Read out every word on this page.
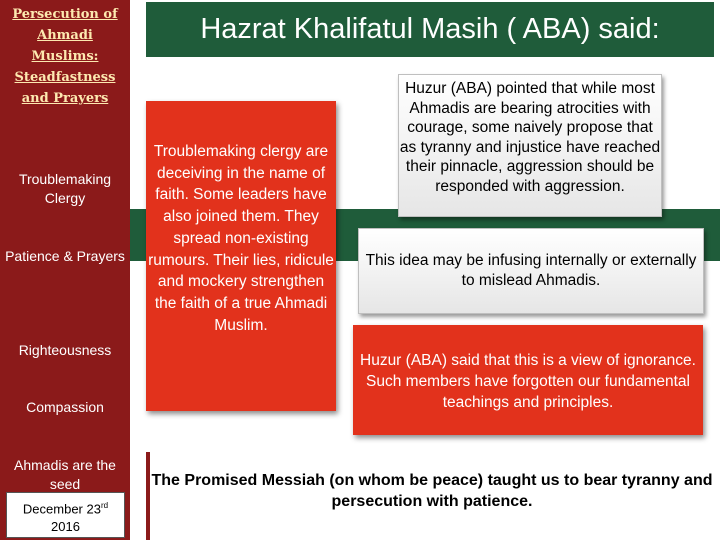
Persecution of Ahmadi Muslims: Steadfastness and Prayers
Troublemaking Clergy
Patience & Prayers
Righteousness
Compassion
Ahmadis are the seed
December 23rd
2016
Hazrat Khalifatul Masih ( ABA) said:
Troublemaking clergy are deceiving in the name of faith. Some leaders have also joined them. They spread non-existing rumours. Their lies, ridicule and mockery strengthen the faith of a true Ahmadi Muslim.
Huzur (ABA) pointed that while most Ahmadis are bearing atrocities with courage, some naively propose that as tyranny and injustice have reached their pinnacle, aggression should be responded with aggression.
This idea may be infusing internally or externally to mislead Ahmadis.
Huzur (ABA) said that this is a view of ignorance. Such members have forgotten our fundamental teachings and principles.
The Promised Messiah (on whom be peace) taught us to bear tyranny and persecution with patience.
